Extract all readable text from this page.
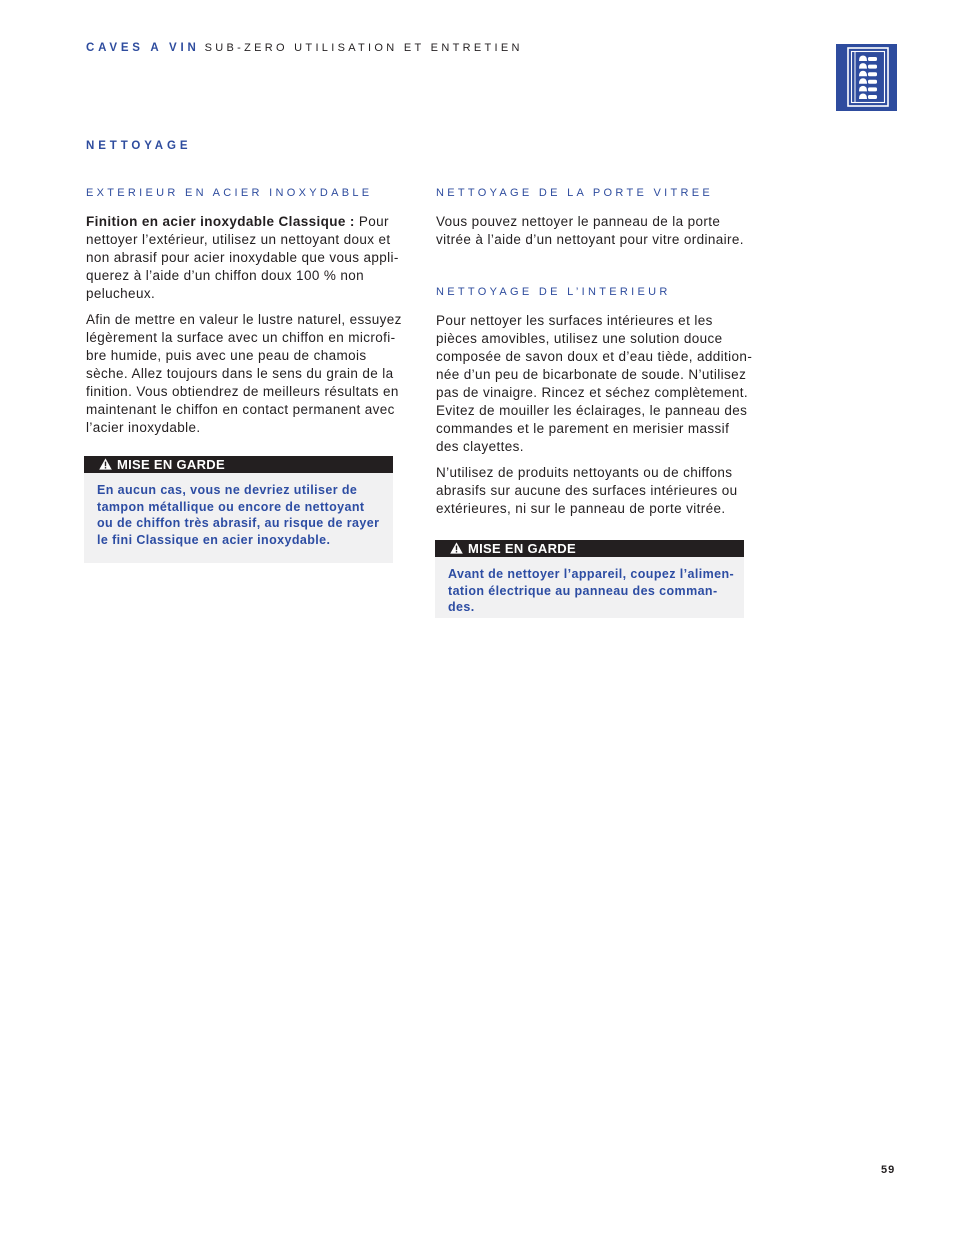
CAVES A VIN SUB-ZERO UTILISATION ET ENTRETIEN
NETTOYAGE
EXTERIEUR EN ACIER INOXYDABLE
Finition en acier inoxydable Classique : Pour
nettoyer l’extérieur, utilisez un nettoyant doux et
non abrasif pour acier inoxydable que vous appli-
querez à l’aide d’un chiffon doux 100 % non
pelucheux.
Afin de mettre en valeur le lustre naturel, essuyez
légèrement la surface avec un chiffon en microfi-
bre humide, puis avec une peau de chamois
sèche. Allez toujours dans le sens du grain de la
finition. Vous obtiendrez de meilleurs résultats en
maintenant le chiffon en contact permanent avec
l’acier inoxydable.
MISE EN GARDE
En aucun cas, vous ne devriez utiliser de
tampon métallique ou encore de nettoyant
ou de chiffon très abrasif, au risque de rayer
le fini Classique en acier inoxydable.
NETTOYAGE DE LA PORTE VITREE
Vous pouvez nettoyer le panneau de la porte
vitrée à l’aide d’un nettoyant pour vitre ordinaire.
NETTOYAGE DE L’INTERIEUR
Pour nettoyer les surfaces intérieures et les
pièces amovibles, utilisez une solution douce
composée de savon doux et d’eau tiède, addition-
née d’un peu de bicarbonate de soude. N’utilisez
pas de vinaigre. Rincez et séchez complètement.
Evitez de mouiller les éclairages, le panneau des
commandes et le parement en merisier massif
des clayettes.
N’utilisez de produits nettoyants ou de chiffons
abrasifs sur aucune des surfaces intérieures ou
extérieures, ni sur le panneau de porte vitrée.
MISE EN GARDE
Avant de nettoyer l’appareil, coupez l’alimen-
tation électrique au panneau des comman-
des.
59
